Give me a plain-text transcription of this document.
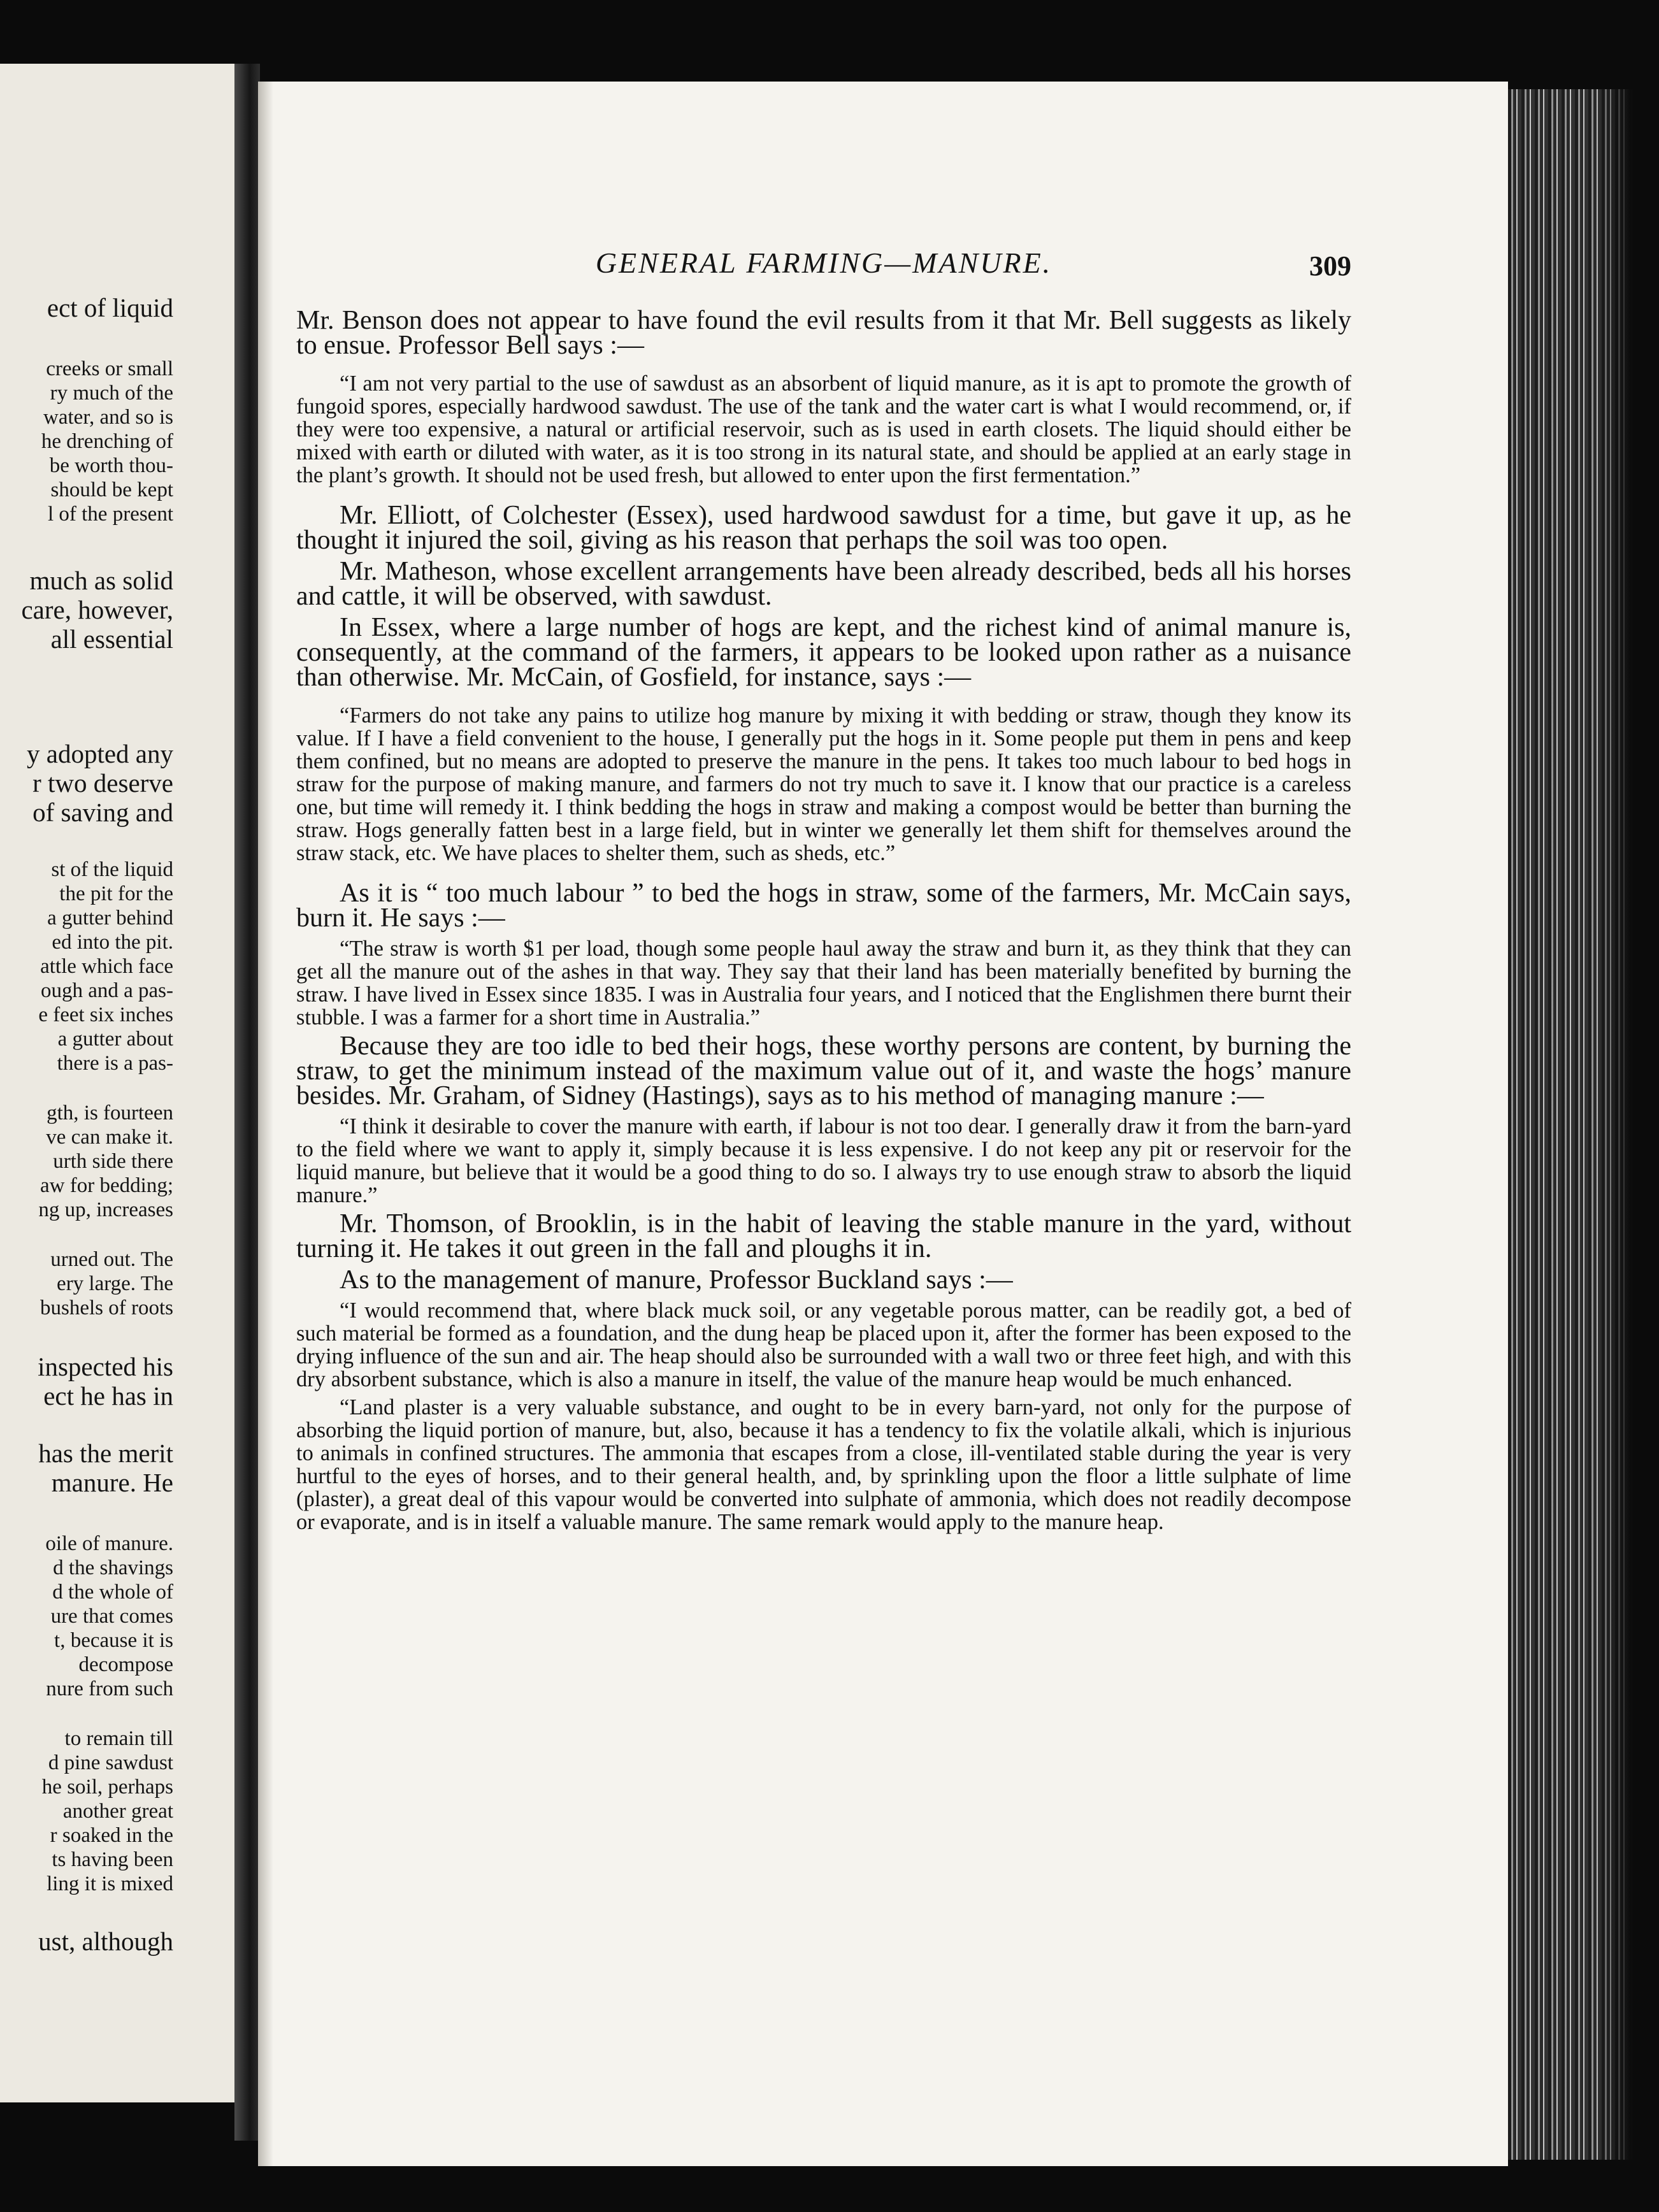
ect of liquid
creeks or small
ry much of the
water, and so is
he drenching of
be worth thou-
should be kept
l of the present
much as solid
care, however,
all essential
y adopted any
r two deserve
of saving and
st of the liquid
the pit for the
a gutter behind
ed into the pit.
attle which face
ough and a pas-
e feet six inches
a gutter about
there is a pas-
gth, is fourteen
ve can make it.
urth side there
aw for bedding;
ng up, increases
urned out. The
ery large. The
bushels of roots
inspected his
ect he has in
has the merit
manure. He
oile of manure.
d the shavings
d the whole of
ure that comes
t, because it is
decompose
nure from such
to remain till
d pine sawdust
he soil, perhaps
another great
r soaked in the
ts having been
ling it is mixed
ust, although
GENERAL FARMING—MANURE.	309

Mr. Benson does not appear to have found the evil results from it that Mr. Bell suggests as likely to ensue. Professor Bell says :—

“I am not very partial to the use of sawdust as an absorbent of liquid manure, as it is apt to promote the growth of fungoid spores, especially hardwood sawdust. The use of the tank and the water cart is what I would recommend, or, if they were too expensive, a natural or artificial reservoir, such as is used in earth closets. The liquid should either be mixed with earth or diluted with water, as it is too strong in its natural state, and should be applied at an early stage in the plant’s growth. It should not be used fresh, but allowed to enter upon the first fermentation.”

Mr. Elliott, of Colchester (Essex), used hardwood sawdust for a time, but gave it up, as he thought it injured the soil, giving as his reason that perhaps the soil was too open.

Mr. Matheson, whose excellent arrangements have been already described, beds all his horses and cattle, it will be observed, with sawdust.

In Essex, where a large number of hogs are kept, and the richest kind of animal manure is, consequently, at the command of the farmers, it appears to be looked upon rather as a nuisance than otherwise. Mr. McCain, of Gosfield, for instance, says :—

“Farmers do not take any pains to utilize hog manure by mixing it with bedding or straw, though they know its value. If I have a field convenient to the house, I generally put the hogs in it. Some people put them in pens and keep them confined, but no means are adopted to preserve the manure in the pens. It takes too much labour to bed hogs in straw for the purpose of making manure, and farmers do not try much to save it. I know that our practice is a careless one, but time will remedy it. I think bedding the hogs in straw and making a compost would be better than burning the straw. Hogs generally fatten best in a large field, but in winter we generally let them shift for themselves around the straw stack, etc. We have places to shelter them, such as sheds, etc.”

As it is “ too much labour ” to bed the hogs in straw, some of the farmers, Mr. McCain says, burn it. He says :—

“The straw is worth $1 per load, though some people haul away the straw and burn it, as they think that they can get all the manure out of the ashes in that way. They say that their land has been materially benefited by burning the straw. I have lived in Essex since 1835. I was in Australia four years, and I noticed that the Englishmen there burnt their stubble. I was a farmer for a short time in Australia.”

Because they are too idle to bed their hogs, these worthy persons are content, by burning the straw, to get the minimum instead of the maximum value out of it, and waste the hogs’ manure besides. Mr. Graham, of Sidney (Hastings), says as to his method of managing manure :—

“I think it desirable to cover the manure with earth, if labour is not too dear. I generally draw it from the barn-yard to the field where we want to apply it, simply because it is less expensive. I do not keep any pit or reservoir for the liquid manure, but believe that it would be a good thing to do so. I always try to use enough straw to absorb the liquid manure.”

Mr. Thomson, of Brooklin, is in the habit of leaving the stable manure in the yard, without turning it. He takes it out green in the fall and ploughs it in.

As to the management of manure, Professor Buckland says :—

“I would recommend that, where black muck soil, or any vegetable porous matter, can be readily got, a bed of such material be formed as a foundation, and the dung heap be placed upon it, after the former has been exposed to the drying influence of the sun and air. The heap should also be surrounded with a wall two or three feet high, and with this dry absorbent substance, which is also a manure in itself, the value of the manure heap would be much enhanced.

“Land plaster is a very valuable substance, and ought to be in every barn-yard, not only for the purpose of absorbing the liquid portion of manure, but, also, because it has a tendency to fix the volatile alkali, which is injurious to animals in confined structures. The ammonia that escapes from a close, ill-ventilated stable during the year is very hurtful to the eyes of horses, and to their general health, and, by sprinkling upon the floor a little sulphate of lime (plaster), a great deal of this vapour would be converted into sulphate of ammonia, which does not readily decompose or evaporate, and is in itself a valuable manure. The same remark would apply to the manure heap.
